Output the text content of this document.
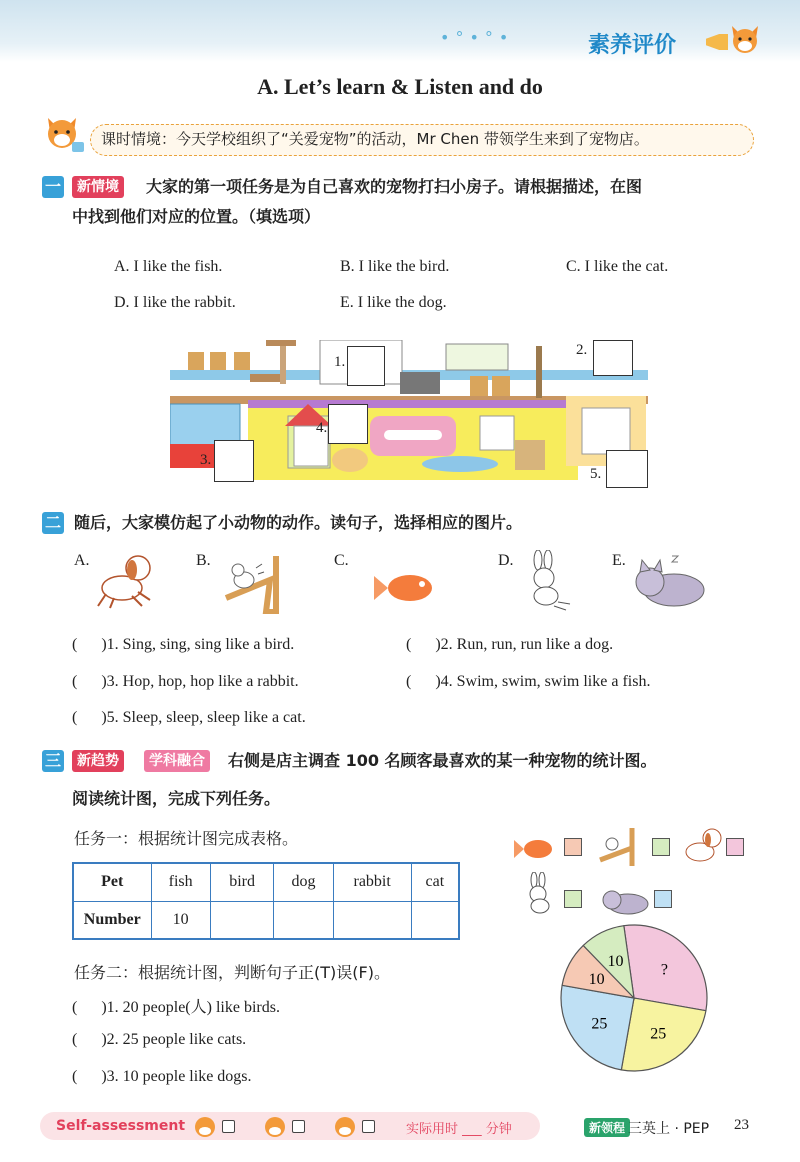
•°•°•	素养评价
A. Let’s learn & Listen and do
课时情境：今天学校组织了“关爱宠物”的活动，Mr Chen 带领学生来到了宠物店。
一	新情境	大家的第一项任务是为自己喜欢的宠物打扫小房子。请根据描述，在图
中找到他们对应的位置。（填选项）
A. I like the fish.	B. I like the bird.	C. I like the cat.
D. I like the rabbit.	E. I like the dog.
1.
2.
3.
4.
5.
二 随后，大家模仿起了小动物的动作。读句子，选择相应的图片。
A.	B.	C.	D.	E.
(      )1. Sing, sing, sing like a bird.	(      )2. Run, run, run like a dog.
(      )3. Hop, hop, hop like a rabbit.	(      )4. Swim, swim, swim like a fish.
(      )5. Sleep, sleep, sleep like a cat.
三	新趋势	学科融合	右侧是店主调查 100 名顾客最喜欢的某一种宠物的统计图。
阅读统计图，完成下列任务。
任务一：根据统计图完成表格。
Pet	fish	bird	dog	rabbit	cat
Number	10				
任务二：根据统计图，判断句子正(T)误(F)。
(      )1. 20 people(人) like birds.
(      )2. 25 people like cats.
(      )3. 10 people like dogs.
?
25
25
10
10
Self-assessment	实际用时 ___ 分钟	新领程 三英上 · PEP 23
